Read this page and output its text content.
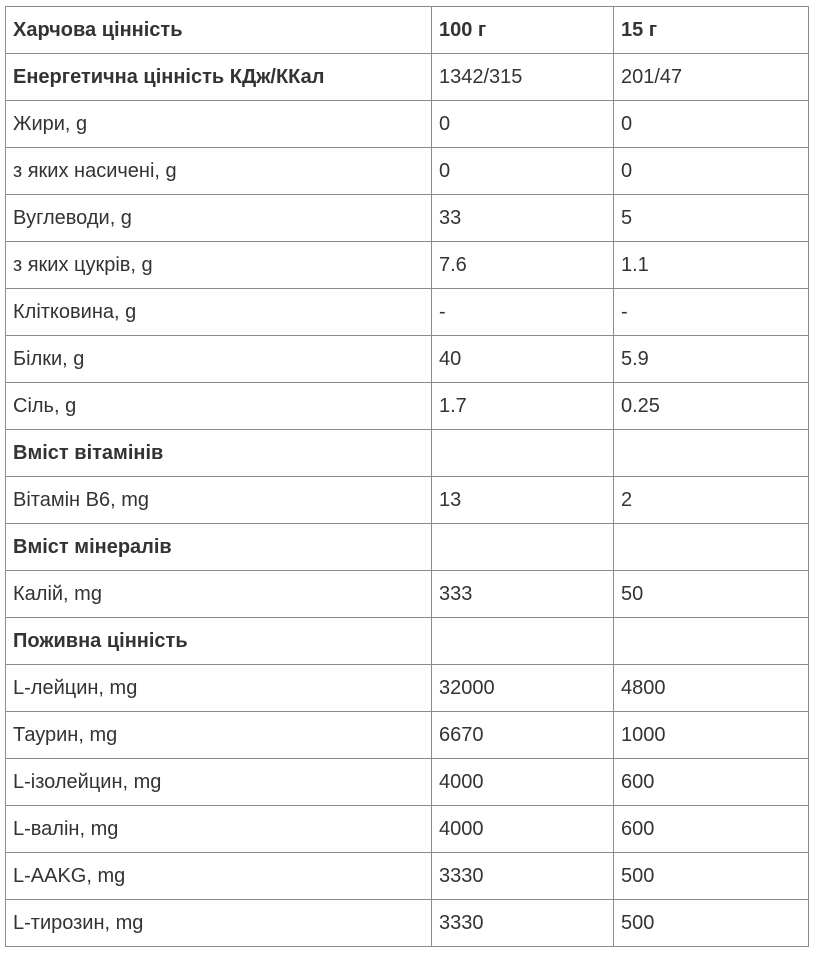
Харчова цінність	100 г	15 г
Енергетична цінність КДж/ККал	1342/315	201/47
Жири, g	0	0
з яких насичені, g	0	0
Вуглеводи, g	33	5
з яких цукрів, g	7.6	1.1
Клітковина, g	-	-
Білки, g	40	5.9
Сіль, g	1.7	0.25
Вміст вітамінів		
Вітамін В6, mg	13	2
Вміст мінералів		
Калій, mg	333	50
Поживна цінність		
L-лейцин, mg	32000	4800
Таурин, mg	6670	1000
L-ізолейцин, mg	4000	600
L-валін, mg	4000	600
L-AAKG, mg	3330	500
L-тирозин, mg	3330	500
